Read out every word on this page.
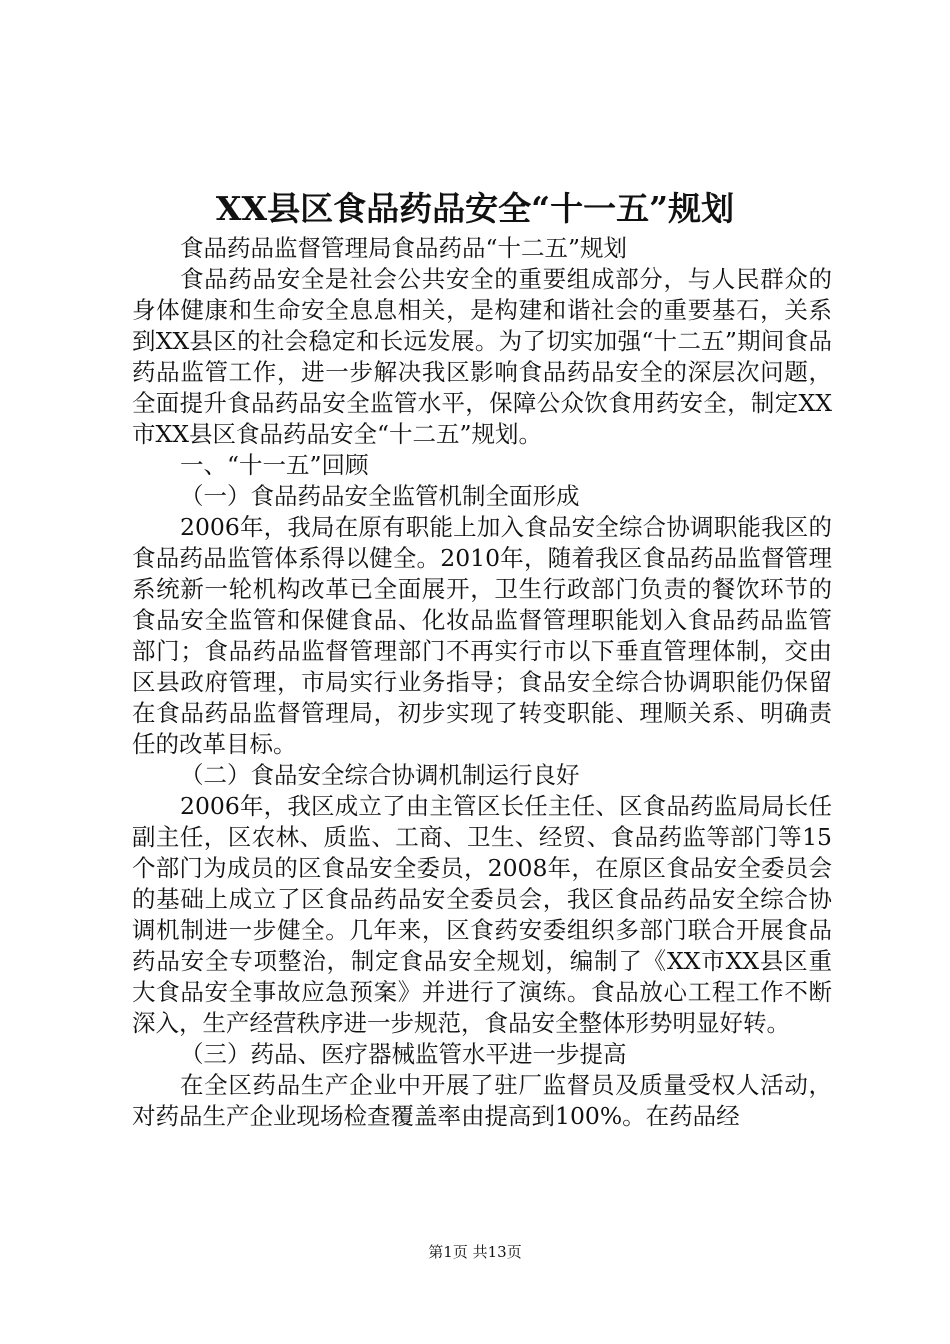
XX县区食品药品安全“十一五”规划

食品药品监督管理局食品药品“十二五”规划

食品药品安全是社会公共安全的重要组成部分，与人民群众的身体健康和生命安全息息相关，是构建和谐社会的重要基石，关系到XX县区的社会稳定和长远发展。为了切实加强“十二五”期间食品药品监管工作，进一步解决我区影响食品药品安全的深层次问题，全面提升食品药品安全监管水平，保障公众饮食用药安全，制定XX市XX县区食品药品安全“十二五”规划。

一、“十一五”回顾

（一）食品药品安全监管机制全面形成

2006年，我局在原有职能上加入食品安全综合协调职能我区的食品药品监管体系得以健全。2010年，随着我区食品药品监督管理系统新一轮机构改革已全面展开，卫生行政部门负责的餐饮环节的食品安全监管和保健食品、化妆品监督管理职能划入食品药品监管部门；食品药品监督管理部门不再实行市以下垂直管理体制，交由区县政府管理，市局实行业务指导；食品安全综合协调职能仍保留在食品药品监督管理局，初步实现了转变职能、理顺关系、明确责任的改革目标。

（二）食品安全综合协调机制运行良好

2006年，我区成立了由主管区长任主任、区食品药监局局长任副主任，区农林、质监、工商、卫生、经贸、食品药监等部门等15个部门为成员的区食品安全委员，2008年，在原区食品安全委员会的基础上成立了区食品药品安全委员会，我区食品药品安全综合协调机制进一步健全。几年来，区食药安委组织多部门联合开展食品药品安全专项整治，制定食品安全规划，编制了《XX市XX县区重大食品安全事故应急预案》并进行了演练。食品放心工程工作不断深入，生产经营秩序进一步规范，食品安全整体形势明显好转。

（三）药品、医疗器械监管水平进一步提高

在全区药品生产企业中开展了驻厂监督员及质量受权人活动，对药品生产企业现场检查覆盖率由提高到100%。在药品经

第1页 共13页
